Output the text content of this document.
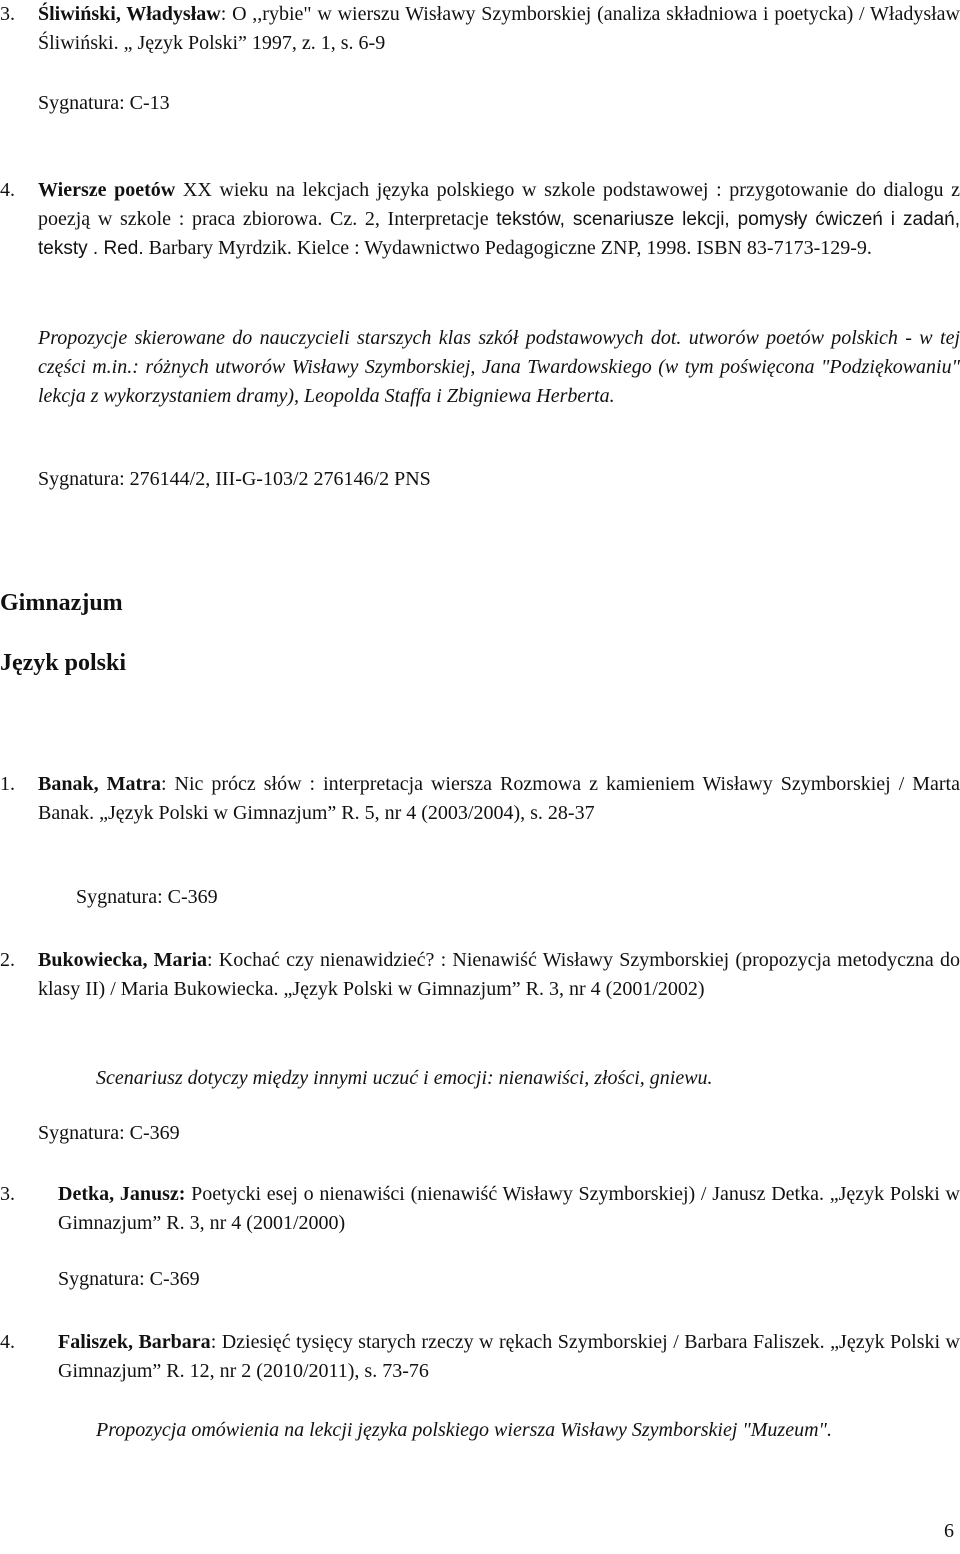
3. Śliwiński, Władysław: O ,,rybie" w wierszu Wisławy Szymborskiej (analiza składniowa i poetycka) / Władysław Śliwiński. „ Język Polski” 1997, z. 1, s. 6-9
Sygnatura: C-13
4. Wiersze poetów XX wieku na lekcjach języka polskiego w szkole podstawowej : przygotowanie do dialogu z poezją w szkole : praca zbiorowa. Cz. 2, Interpretacje tekstów, scenariusze lekcji, pomysły ćwiczeń i zadań, teksty . Red. Barbary Myrdzik. Kielce : Wydawnictwo Pedagogiczne ZNP, 1998. ISBN 83-7173-129-9.
Propozycje skierowane do nauczycieli starszych klas szkół podstawowych dot. utworów poetów polskich - w tej części m.in.: różnych utworów Wisławy Szymborskiej, Jana Twardowskiego (w tym poświęcona "Podziękowaniu" lekcja z wykorzystaniem dramy), Leopolda Staffa i Zbigniewa Herberta.
Sygnatura: 276144/2, III-G-103/2 276146/2 PNS
Gimnazjum
Język polski
1. Banak, Matra: Nic prócz słów : interpretacja wiersza Rozmowa z kamieniem Wisławy Szymborskiej / Marta Banak. „Język Polski w Gimnazjum” R. 5, nr 4 (2003/2004), s. 28-37
Sygnatura: C-369
2. Bukowiecka, Maria: Kochać czy nienawidzieć? : Nienawiść Wisławy Szymborskiej (propozycja metodyczna do klasy II) / Maria Bukowiecka. „Język Polski w Gimnazjum” R. 3, nr 4 (2001/2002)
Scenariusz dotyczy między innymi uczuć i emocji: nienawiści, złości, gniewu.
Sygnatura: C-369
3. Detka, Janusz: Poetycki esej o nienawiści (nienawiść Wisławy Szymborskiej) / Janusz Detka. „Język Polski w Gimnazjum” R. 3, nr 4 (2001/2000)
Sygnatura: C-369
4. Faliszek, Barbara: Dziesięć tysięcy starych rzeczy w rękach Szymborskiej / Barbara Faliszek. „Język Polski w Gimnazjum” R. 12, nr 2 (2010/2011), s. 73-76
Propozycja omówienia na lekcji języka polskiego wiersza Wisławy Szymborskiej "Muzeum".
6
